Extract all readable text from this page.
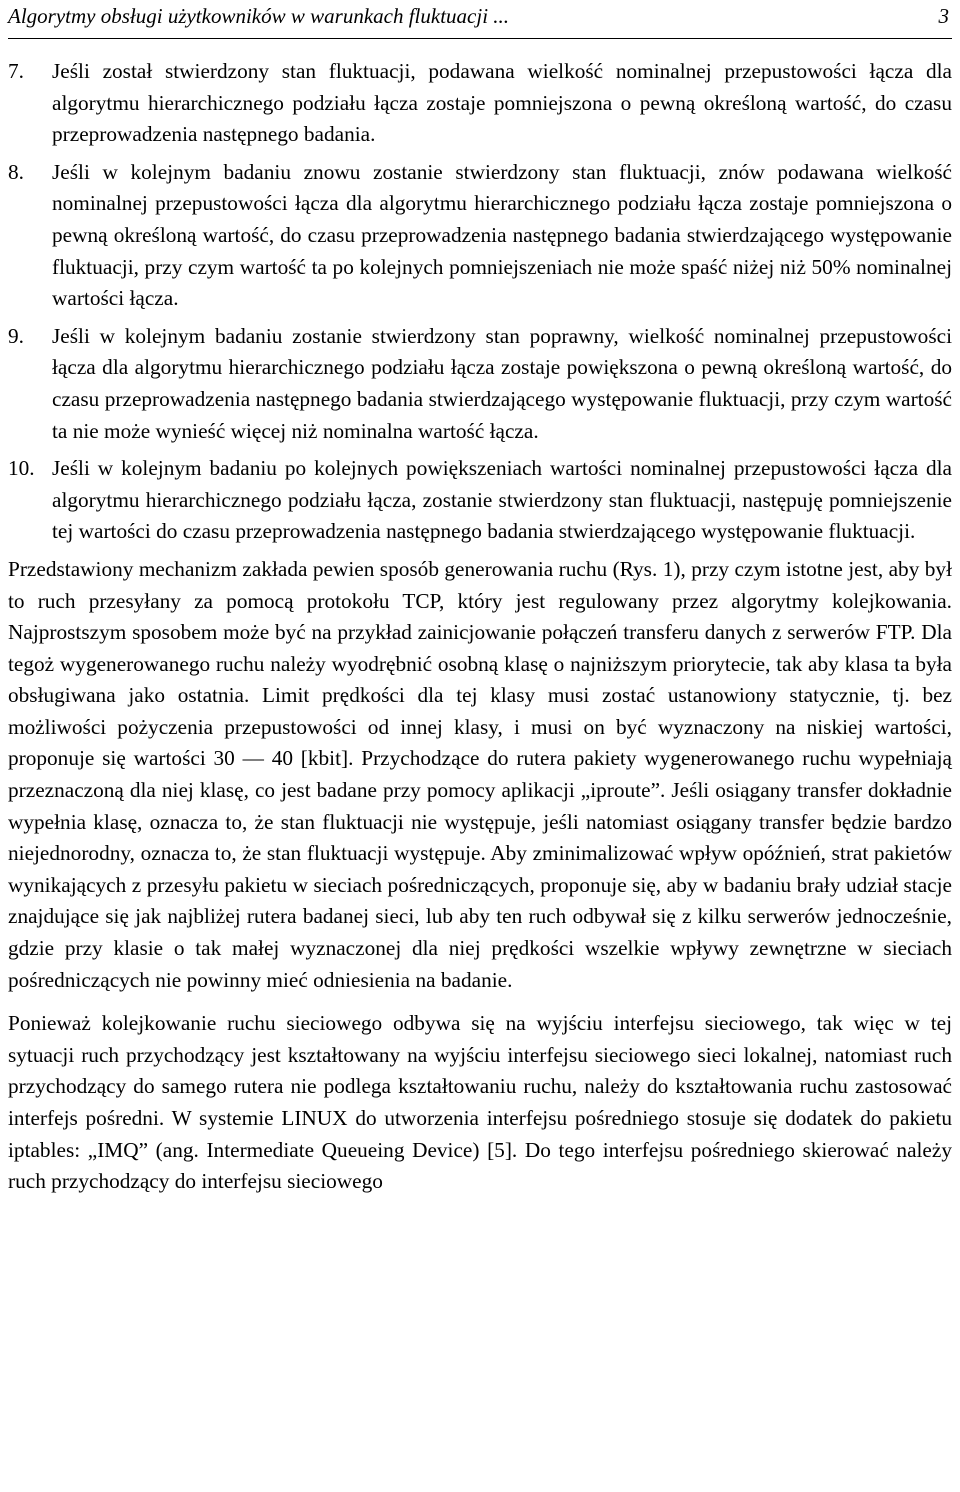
Algorytmy obsługi użytkowników w warunkach fluktuacji ...	3
7.	Jeśli został stwierdzony stan fluktuacji, podawana wielkość nominalnej przepustowości łącza dla algorytmu hierarchicznego podziału łącza zostaje pomniejszona o pewną określoną wartość, do czasu przeprowadzenia następnego badania.
8.	Jeśli w kolejnym badaniu znowu zostanie stwierdzony stan fluktuacji, znów podawana wielkość nominalnej przepustowości łącza dla algorytmu hierarchicznego podziału łącza zostaje pomniejszona o pewną określoną wartość, do czasu przeprowadzenia następnego badania stwierdzającego występowanie fluktuacji, przy czym wartość ta po kolejnych pomniejszeniach nie może spaść niżej niż 50% nominalnej wartości łącza.
9.	Jeśli w kolejnym badaniu zostanie stwierdzony stan poprawny, wielkość nominalnej przepustowości łącza dla algorytmu hierarchicznego podziału łącza zostaje powiększona o pewną określoną wartość, do czasu przeprowadzenia następnego badania stwierdzającego występowanie fluktuacji, przy czym wartość ta nie może wynieść więcej niż nominalna wartość łącza.
10. Jeśli w kolejnym badaniu po kolejnych powiększeniach wartości nominalnej przepustowości łącza dla algorytmu hierarchicznego podziału łącza, zostanie stwierdzony stan fluktuacji, następuję pomniejszenie tej wartości do czasu przeprowadzenia następnego badania stwierdzającego występowanie fluktuacji.

Przedstawiony mechanizm zakłada pewien sposób generowania ruchu (Rys. 1), przy czym istotne jest, aby był to ruch przesyłany za pomocą protokołu TCP, który jest regulowany przez algorytmy kolejkowania. Najprostszym sposobem może być na przykład zainicjowanie połączeń transferu danych z serwerów FTP. Dla tegoż wygenerowanego ruchu należy wyodrębnić osobną klasę o najniższym priorytecie, tak aby klasa ta była obsługiwana jako ostatnia. Limit prędkości dla tej klasy musi zostać ustanowiony statycznie, tj. bez możliwości pożyczenia przepustowości od innej klasy, i musi on być wyznaczony na niskiej wartości, proponuje się wartości 30 — 40 [kbit]. Przychodzące do rutera pakiety wygenerowanego ruchu wypełniają przeznaczoną dla niej klasę, co jest badane przy pomocy aplikacji „iproute”. Jeśli osiągany transfer dokładnie wypełnia klasę, oznacza to, że stan fluktuacji nie występuje, jeśli natomiast osiągany transfer będzie bardzo niejednorodny, oznacza to, że stan fluktuacji występuje. Aby zminimalizować wpływ opóźnień, strat pakietów wynikających z przesyłu pakietu w sieciach pośredniczących, proponuje się, aby w badaniu brały udział stacje znajdujące się jak najbliżej rutera badanej sieci, lub aby ten ruch odbywał się z kilku serwerów jednocześnie, gdzie przy klasie o tak małej wyznaczonej dla niej prędkości wszelkie wpływy zewnętrzne w sieciach pośredniczących nie powinny mieć odniesienia na badanie.

Ponieważ kolejkowanie ruchu sieciowego odbywa się na wyjściu interfejsu sieciowego, tak więc w tej sytuacji ruch przychodzący jest kształtowany na wyjściu interfejsu sieciowego sieci lokalnej, natomiast ruch przychodzący do samego rutera nie podlega kształtowaniu ruchu, należy do kształtowania ruchu zastosować interfejs pośredni. W systemie LINUX do utworzenia interfejsu pośredniego stosuje się dodatek do pakietu iptables: „IMQ” (ang. Intermediate Queueing Device) [5]. Do tego interfejsu pośredniego skierować należy ruch przychodzący do interfejsu sieciowego
